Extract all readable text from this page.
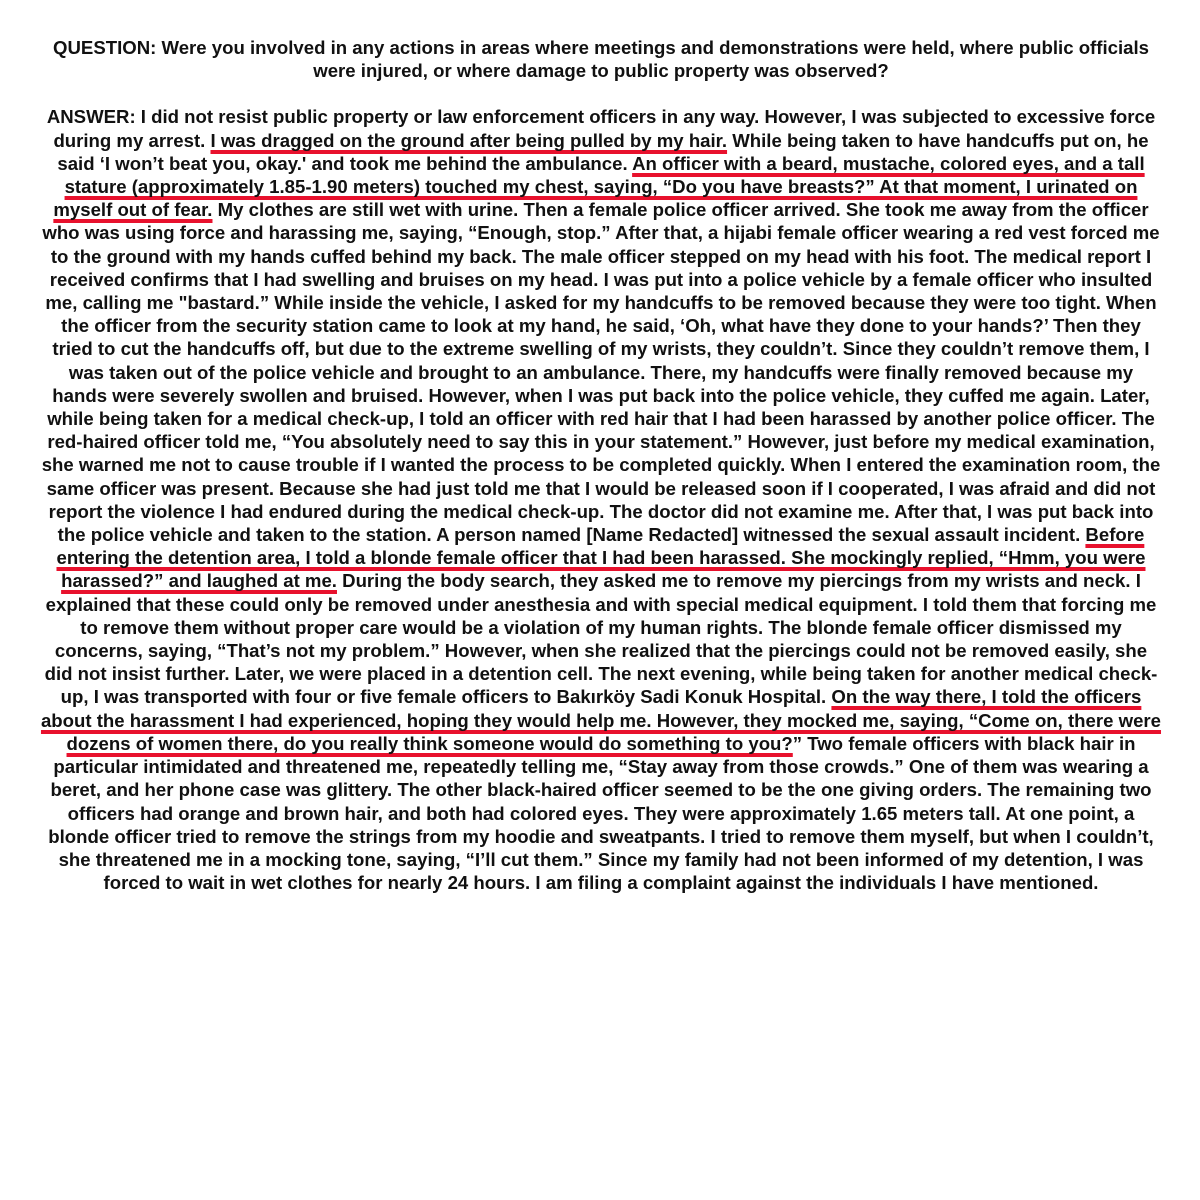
QUESTION: Were you involved in any actions in areas where meetings and demonstrations were held, where public officials were injured, or where damage to public property was observed?

ANSWER: I did not resist public property or law enforcement officers in any way. However, I was subjected to excessive force during my arrest. I was dragged on the ground after being pulled by my hair. While being taken to have handcuffs put on, he said ‘I won’t beat you, okay.' and took me behind the ambulance. An officer with a beard, mustache, colored eyes, and a tall stature (approximately 1.85-1.90 meters) touched my chest, saying, “Do you have breasts?” At that moment, I urinated on myself out of fear. My clothes are still wet with urine. Then a female police officer arrived. She took me away from the officer who was using force and harassing me, saying, “Enough, stop.” After that, a hijabi female officer wearing a red vest forced me to the ground with my hands cuffed behind my back. The male officer stepped on my head with his foot. The medical report I received confirms that I had swelling and bruises on my head. I was put into a police vehicle by a female officer who insulted me, calling me "bastard.” While inside the vehicle, I asked for my handcuffs to be removed because they were too tight. When the officer from the security station came to look at my hand, he said, ‘Oh, what have they done to your hands?’ Then they tried to cut the handcuffs off, but due to the extreme swelling of my wrists, they couldn’t. Since they couldn’t remove them, I was taken out of the police vehicle and brought to an ambulance. There, my handcuffs were finally removed because my hands were severely swollen and bruised. However, when I was put back into the police vehicle, they cuffed me again. Later, while being taken for a medical check-up, I told an officer with red hair that I had been harassed by another police officer. The red-haired officer told me, “You absolutely need to say this in your statement.” However, just before my medical examination, she warned me not to cause trouble if I wanted the process to be completed quickly. When I entered the examination room, the same officer was present. Because she had just told me that I would be released soon if I cooperated, I was afraid and did not report the violence I had endured during the medical check-up. The doctor did not examine me. After that, I was put back into the police vehicle and taken to the station. A person named [Name Redacted] witnessed the sexual assault incident. Before entering the detention area, I told a blonde female officer that I had been harassed. She mockingly replied, “Hmm, you were harassed?” and laughed at me. During the body search, they asked me to remove my piercings from my wrists and neck. I explained that these could only be removed under anesthesia and with special medical equipment. I told them that forcing me to remove them without proper care would be a violation of my human rights. The blonde female officer dismissed my concerns, saying, “That’s not my problem.” However, when she realized that the piercings could not be removed easily, she did not insist further. Later, we were placed in a detention cell. The next evening, while being taken for another medical check-up, I was transported with four or five female officers to Bakırköy Sadi Konuk Hospital. On the way there, I told the officers about the harassment I had experienced, hoping they would help me. However, they mocked me, saying, “Come on, there were dozens of women there, do you really think someone would do something to you?” Two female officers with black hair in particular intimidated and threatened me, repeatedly telling me, “Stay away from those crowds.” One of them was wearing a beret, and her phone case was glittery. The other black-haired officer seemed to be the one giving orders. The remaining two officers had orange and brown hair, and both had colored eyes. They were approximately 1.65 meters tall. At one point, a blonde officer tried to remove the strings from my hoodie and sweatpants. I tried to remove them myself, but when I couldn’t, she threatened me in a mocking tone, saying, “I’ll cut them.” Since my family had not been informed of my detention, I was forced to wait in wet clothes for nearly 24 hours. I am filing a complaint against the individuals I have mentioned.
